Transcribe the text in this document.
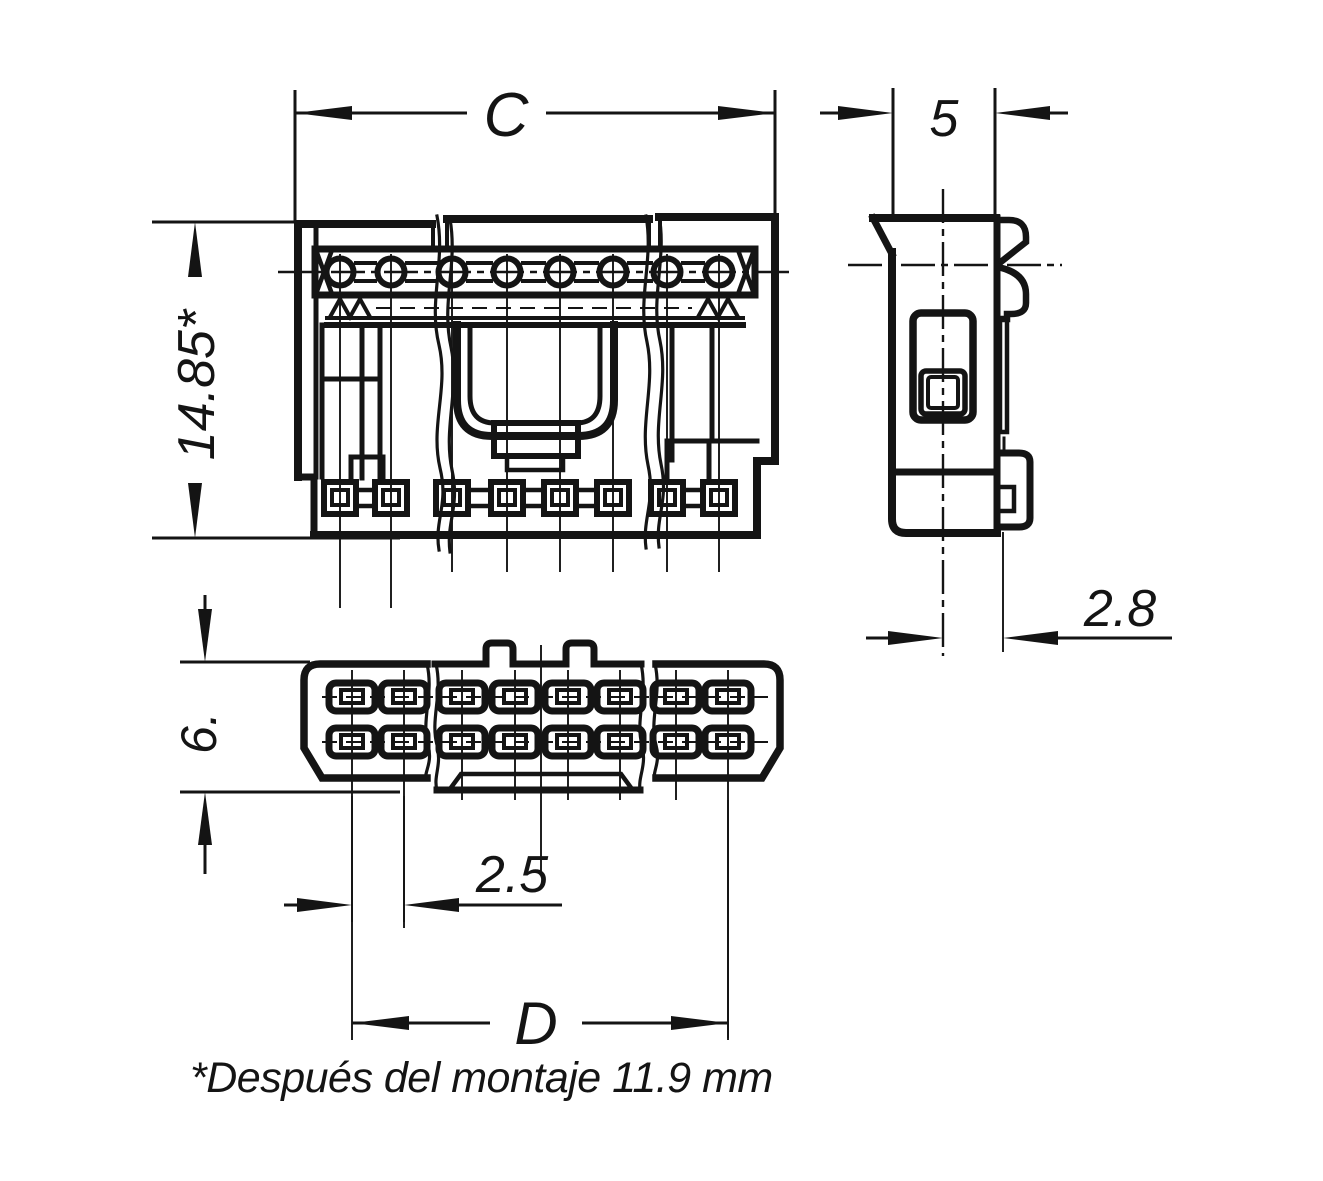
C
14.85*
5
2.8
6.
2.5
D
*Después del montaje 11.9 mm
